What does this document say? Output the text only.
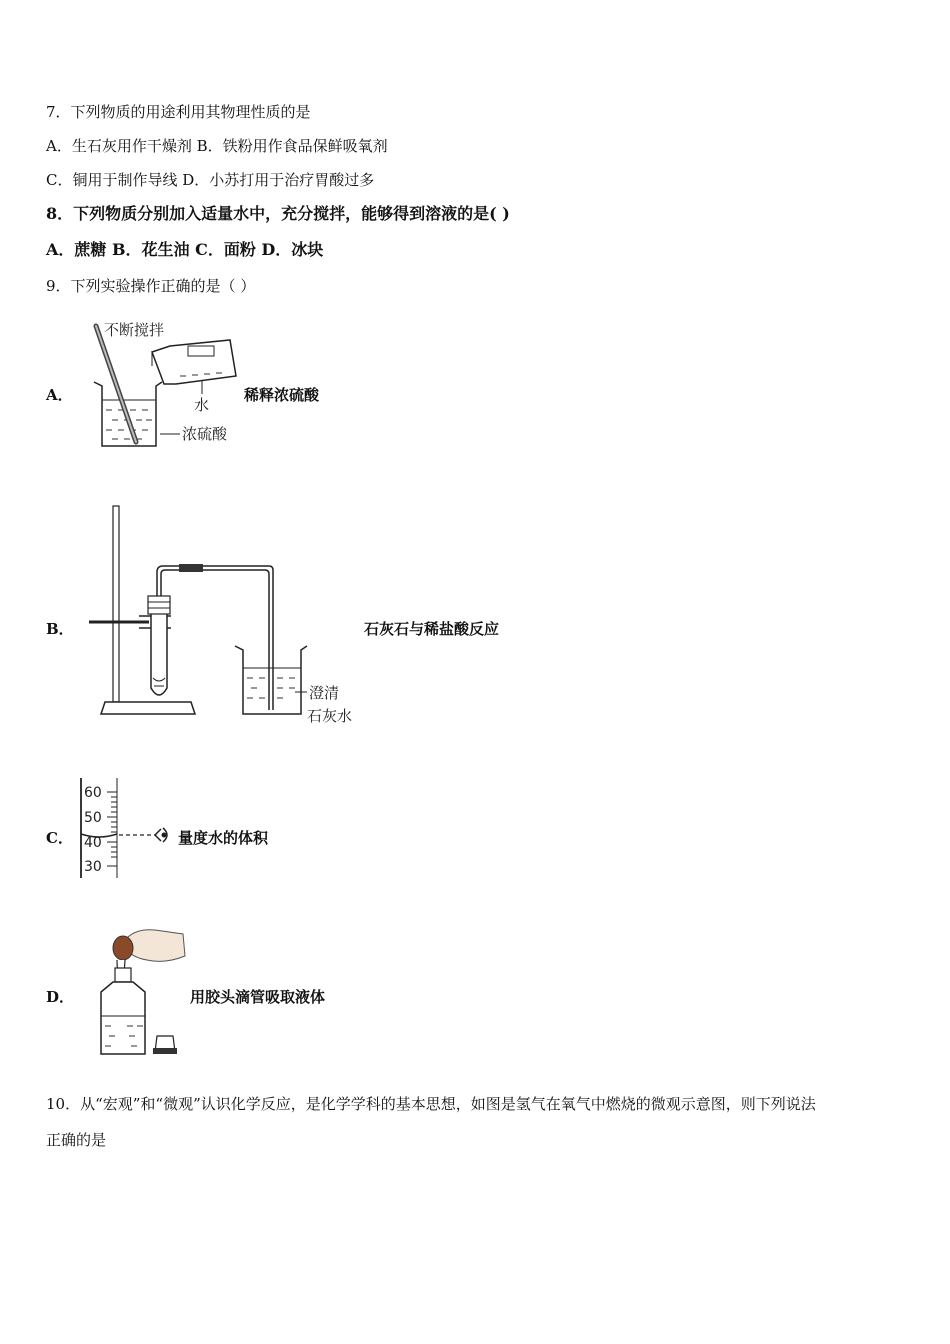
7．下列物质的用途利用其物理性质的是
A．生石灰用作干燥剂 B．铁粉用作食品保鲜吸氧剂
C．铜用于制作导线 D．小苏打用于治疗胃酸过多
8．下列物质分别加入适量水中，充分搅拌，能够得到溶液的是( )
A．蔗糖 B．花生油 C．面粉 D．冰块
9．下列实验操作正确的是（ ）
A．
不断搅拌
水
浓硫酸
稀释浓硫酸
B．
澄清
石灰水
石灰石与稀盐酸反应
C．
60
50
40
30
量度水的体积
D．	用胶头滴管吸取液体
10．从“宏观”和“微观”认识化学反应，是化学学科的基本思想，如图是氢气在氧气中燃烧的微观示意图，则下列说法
正确的是
